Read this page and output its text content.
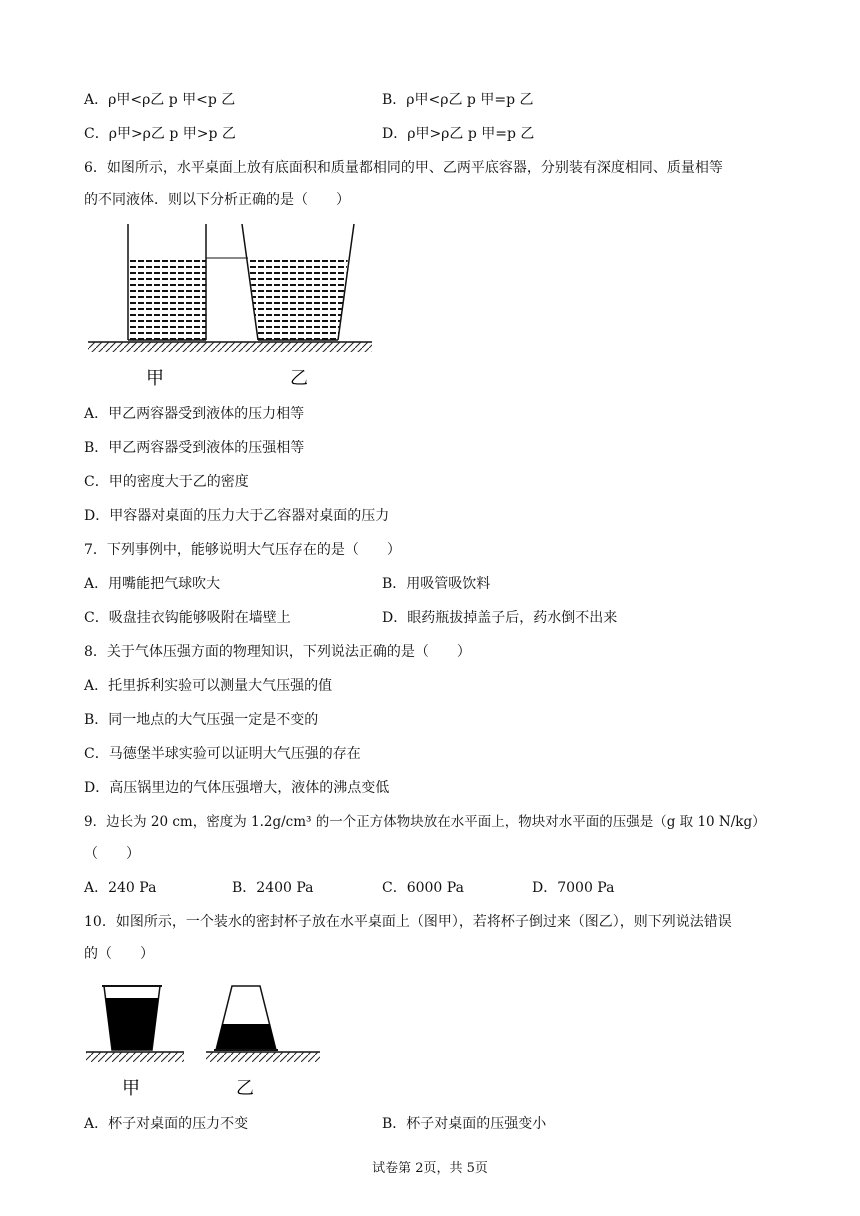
A．ρ甲<ρ乙 p 甲<p 乙	B．ρ甲<ρ乙 p 甲=p 乙
C．ρ甲>ρ乙 p 甲>p 乙	D．ρ甲>ρ乙 p 甲=p 乙
6．如图所示，水平桌面上放有底面积和质量都相同的甲、乙两平底容器，分别装有深度相同、质量相等
的不同液体．则以下分析正确的是（　　）
甲	乙
A．甲乙两容器受到液体的压力相等
B．甲乙两容器受到液体的压强相等
C．甲的密度大于乙的密度
D．甲容器对桌面的压力大于乙容器对桌面的压力
7．下列事例中，能够说明大气压存在的是（　　）
A．用嘴能把气球吹大	B．用吸管吸饮料
C．吸盘挂衣钩能够吸附在墙壁上	D．眼药瓶拔掉盖子后，药水倒不出来
8．关于气体压强方面的物理知识，下列说法正确的是（　　）
A．托里拆利实验可以测量大气压强的值
B．同一地点的大气压强一定是不变的
C．马德堡半球实验可以证明大气压强的存在
D．高压锅里边的气体压强增大，液体的沸点变低
9．边长为 20 cm，密度为 1.2g/cm³ 的一个正方体物块放在水平面上，物块对水平面的压强是（g 取 10 N/kg）
（　　）
A．240 Pa	B．2400 Pa	C．6000 Pa	D．7000 Pa
10．如图所示，一个装水的密封杯子放在水平桌面上（图甲），若将杯子倒过来（图乙），则下列说法错误
的（　　）
甲	乙
A．杯子对桌面的压力不变	B．杯子对桌面的压强变小
试卷第 2页，共 5页
